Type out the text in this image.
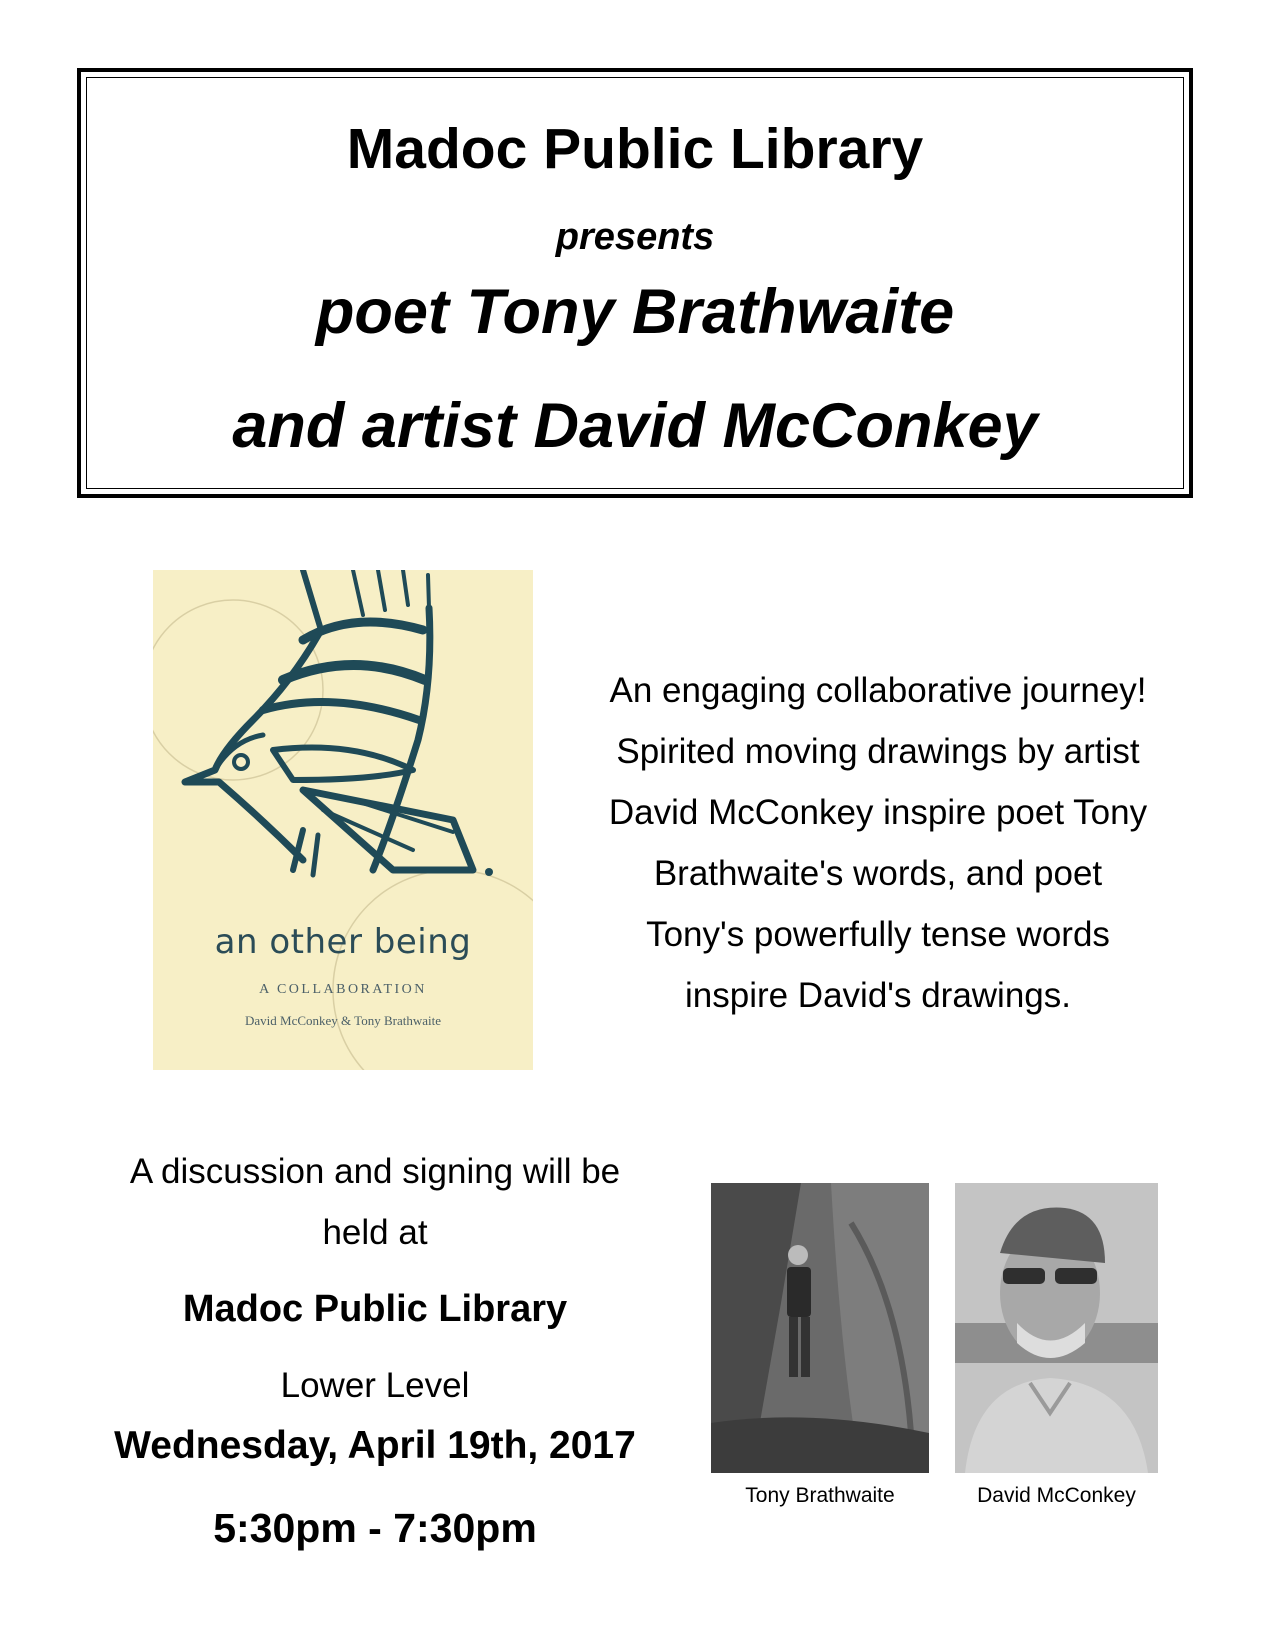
Madoc Public Library
presents
poet Tony Brathwaite
and artist David McConkey
an other being
A COLLABORATION
David McConkey & Tony Brathwaite
An engaging collaborative journey!
Spirited moving drawings by artist
David McConkey inspire poet Tony
Brathwaite's words, and poet
Tony's powerfully tense words
inspire David's drawings.
A discussion and signing will be
held at
Madoc Public Library
Lower Level
Wednesday, April 19th, 2017
5:30pm - 7:30pm
Tony Brathwaite	David McConkey
